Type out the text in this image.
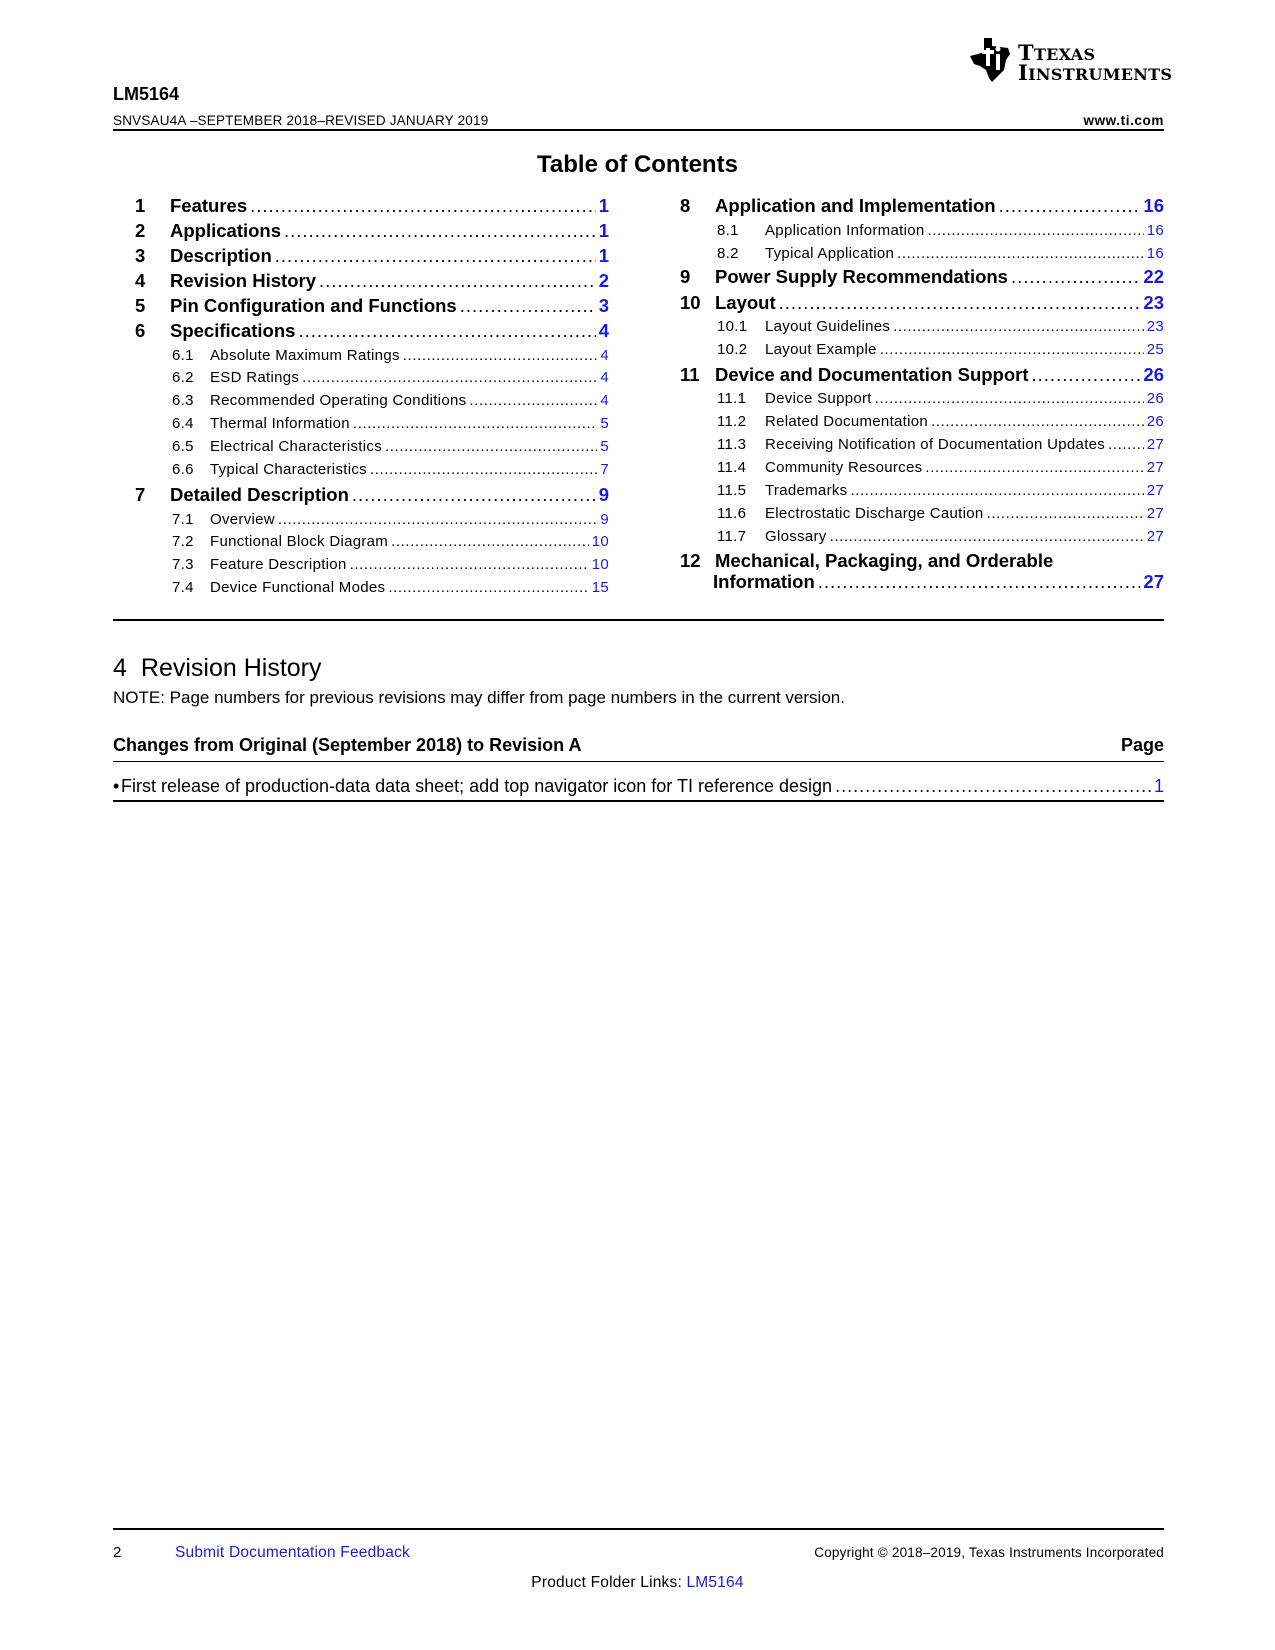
TTEXAS
IINSTRUMENTS
LM5164
SNVSAU4A –SEPTEMBER 2018–REVISED JANUARY 2019	www.ti.com
Table of Contents
1	Features .....	1
2	Applications .....	1
3	Description .....	1
4	Revision History .....	2
5	Pin Configuration and Functions .....	3
6	Specifications .....	4
6.1	Absolute Maximum Ratings .....	4
6.2	ESD Ratings .....	4
6.3	Recommended Operating Conditions .....	4
6.4	Thermal Information .....	5
6.5	Electrical Characteristics .....	5
6.6	Typical Characteristics .....	7
7	Detailed Description .....	9
7.1	Overview .....	9
7.2	Functional Block Diagram .....	10
7.3	Feature Description .....	10
7.4	Device Functional Modes .....	15
8	Application and Implementation .....	16
8.1	Application Information .....	16
8.2	Typical Application .....	16
9	Power Supply Recommendations .....	22
10 Layout .....	23
10.1	Layout Guidelines .....	23
10.2	Layout Example .....	25
11 Device and Documentation Support .....	26
11.1	Device Support .....	26
11.2	Related Documentation .....	26
11.3	Receiving Notification of Documentation Updates .....	27
11.4	Community Resources .....	27
11.5	Trademarks .....	27
11.6	Electrostatic Discharge Caution .....	27
11.7	Glossary .....	27
12 Mechanical, Packaging, and Orderable
Information .....	27
4 Revision History
NOTE: Page numbers for previous revisions may differ from page numbers in the current version.
Changes from Original (September 2018) to Revision A	Page
• First release of production-data data sheet; add top navigator icon for TI reference design .....	1
2	Submit Documentation Feedback	Copyright © 2018–2019, Texas Instruments Incorporated
Product Folder Links: LM5164
